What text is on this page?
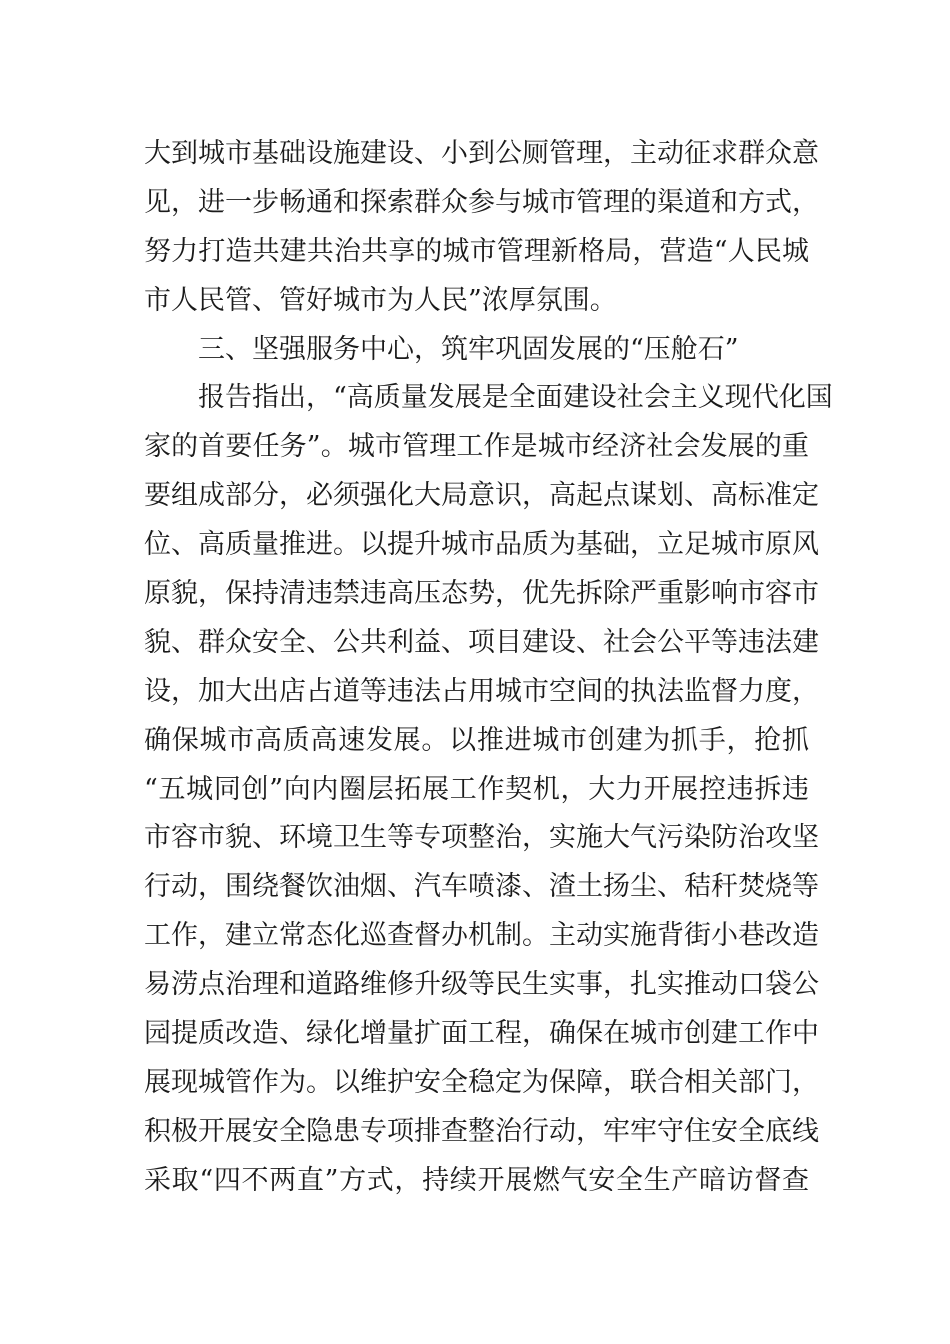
大到城市基础设施建设、小到公厕管理，主动征求群众意
见，进一步畅通和探索群众参与城市管理的渠道和方式，
努力打造共建共治共享的城市管理新格局，营造“人民城
市人民管、管好城市为人民”浓厚氛围。
三、坚强服务中心，筑牢巩固发展的“压舱石”
报告指出，“高质量发展是全面建设社会主义现代化国
家的首要任务”。城市管理工作是城市经济社会发展的重
要组成部分，必须强化大局意识，高起点谋划、高标准定
位、高质量推进。以提升城市品质为基础，立足城市原风
原貌，保持清违禁违高压态势，优先拆除严重影响市容市
貌、群众安全、公共利益、项目建设、社会公平等违法建
设，加大出店占道等违法占用城市空间的执法监督力度，
确保城市高质高速发展。以推进城市创建为抓手，抢抓
“五城同创”向内圈层拓展工作契机，大力开展控违拆违
市容市貌、环境卫生等专项整治，实施大气污染防治攻坚
行动，围绕餐饮油烟、汽车喷漆、渣土扬尘、秸秆焚烧等
工作，建立常态化巡查督办机制。主动实施背街小巷改造
易涝点治理和道路维修升级等民生实事，扎实推动口袋公
园提质改造、绿化增量扩面工程，确保在城市创建工作中
展现城管作为。以维护安全稳定为保障，联合相关部门，
积极开展安全隐患专项排查整治行动，牢牢守住安全底线
采取“四不两直”方式，持续开展燃气安全生产暗访督查
